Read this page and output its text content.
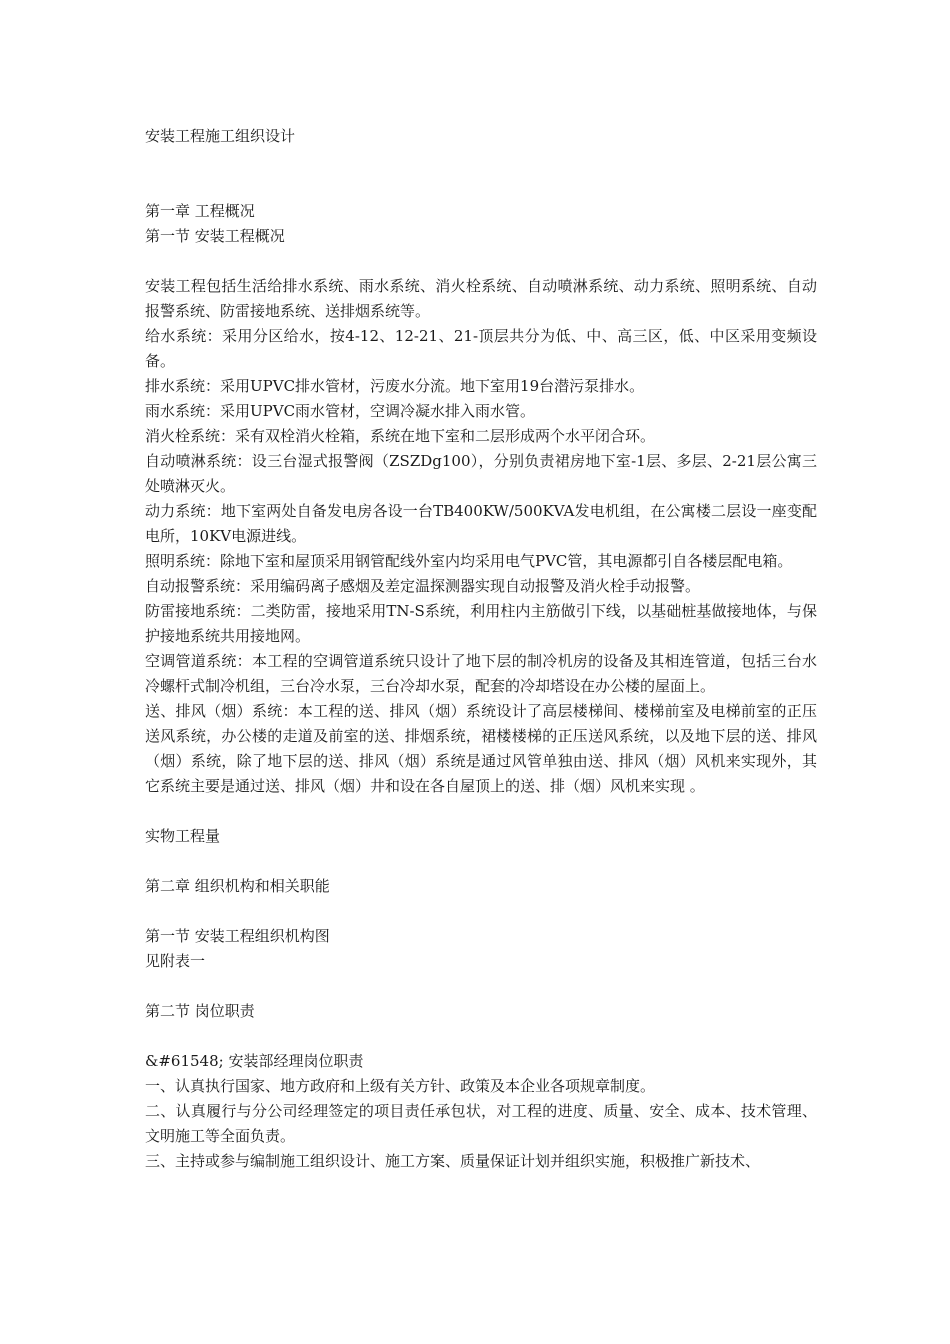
安装工程施工组织设计

第一章 工程概况

第一节 安装工程概况

安装工程包括生活给排水系统、雨水系统、消火栓系统、自动喷淋系统、动力系统、照明系统、自动报警系统、防雷接地系统、送排烟系统等。

给水系统：采用分区给水，按4-12、12-21、21-顶层共分为低、中、高三区，低、中区采用变频设备。

排水系统：采用UPVC排水管材，污废水分流。地下室用19台潜污泵排水。

雨水系统：采用UPVC雨水管材，空调冷凝水排入雨水管。

消火栓系统：采有双栓消火栓箱，系统在地下室和二层形成两个水平闭合环。

自动喷淋系统：设三台湿式报警阀（ZSZDg100），分别负责裙房地下室-1层、多层、2-21层公寓三处喷淋灭火。

动力系统：地下室两处自备发电房各设一台TB400KW/500KVA发电机组，在公寓楼二层设一座变配电所，10KV电源进线。

照明系统：除地下室和屋顶采用钢管配线外室内均采用电气PVC管，其电源都引自各楼层配电箱。

自动报警系统：采用编码离子感烟及差定温探测器实现自动报警及消火栓手动报警。

防雷接地系统：二类防雷，接地采用TN-S系统，利用柱内主筋做引下线，以基础桩基做接地体，与保护接地系统共用接地网。

空调管道系统：本工程的空调管道系统只设计了地下层的制冷机房的设备及其相连管道，包括三台水冷螺杆式制冷机组，三台冷水泵，三台冷却水泵，配套的冷却塔设在办公楼的屋面上。

送、排风（烟）系统：本工程的送、排风（烟）系统设计了高层楼梯间、楼梯前室及电梯前室的正压送风系统，办公楼的走道及前室的送、排烟系统，裙楼楼梯的正压送风系统，以及地下层的送、排风（烟）系统，除了地下层的送、排风（烟）系统是通过风管单独由送、排风（烟）风机来实现外，其它系统主要是通过送、排风（烟）井和设在各自屋顶上的送、排（烟）风机来实现 。

实物工程量

第二章 组织机构和相关职能

第一节 安装工程组织机构图

见附表一

第二节 岗位职责

&#61548; 安装部经理岗位职责

一、认真执行国家、地方政府和上级有关方针、政策及本企业各项规章制度。

二、认真履行与分公司经理签定的项目责任承包状，对工程的进度、质量、安全、成本、技术管理、文明施工等全面负责。

三、主持或参与编制施工组织设计、施工方案、质量保证计划并组织实施，积极推广新技术、
